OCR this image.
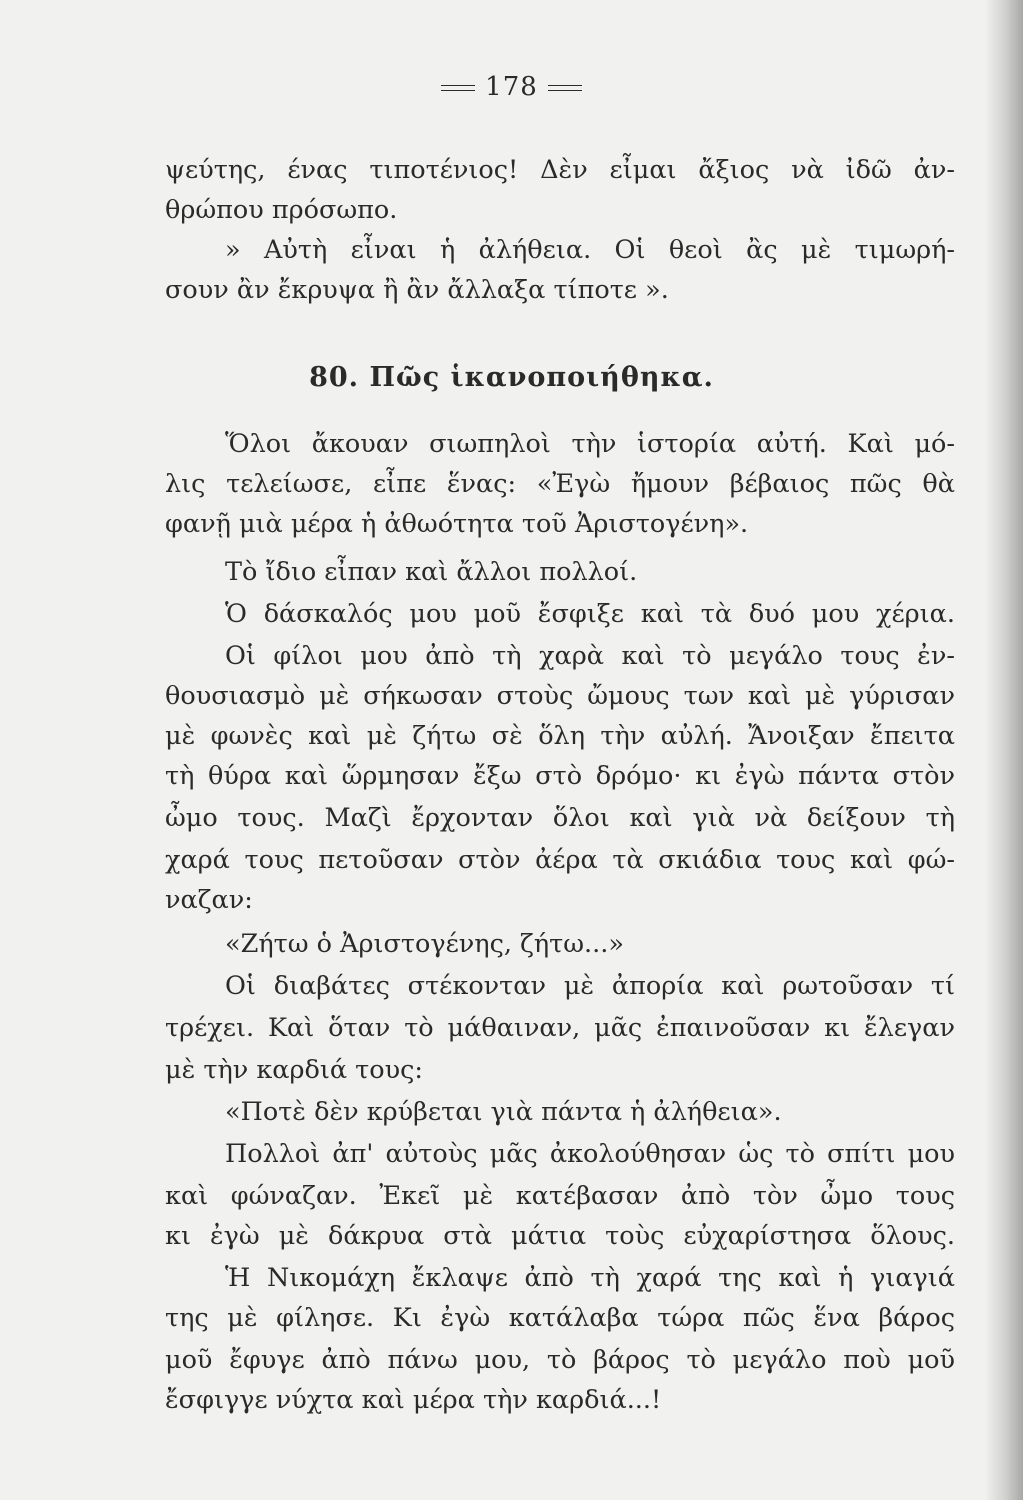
178
ψεύτης, ένας τιποτένιος! Δὲν εἶμαι ἄξιος νὰ ἰδῶ ἀν-
θρώπου πρόσωπο.
» Αὐτὴ εἶναι ἡ ἀλήθεια. Οἱ θεοὶ ἂς μὲ τιμωρή-
σουν ἂν ἔκρυψα ἢ ἂν ἄλλαξα τίποτε ».
80. Πῶς ἱκανοποιήθηκα.
Ὅλοι ἄκουαν σιωπηλοὶ τὴν ἱστορία αὐτή. Καὶ μό-
λις τελείωσε, εἶπε ἕνας: «Ἐγὼ ἤμουν βέβαιος πῶς θὰ
φανῇ μιὰ μέρα ἡ ἀθωότητα τοῦ Ἀριστογένη».
Τὸ ἴδιο εἶπαν καὶ ἄλλοι πολλοί.
Ὁ δάσκαλός μου μοῦ ἔσφιξε καὶ τὰ δυό μου χέρια.
Οἱ φίλοι μου ἀπὸ τὴ χαρὰ καὶ τὸ μεγάλο τους ἐν-
θουσιασμὸ μὲ σήκωσαν στοὺς ὤμους των καὶ μὲ γύρισαν
μὲ φωνὲς καὶ μὲ ζήτω σὲ ὅλη τὴν αὐλή. Ἄνοιξαν ἔπειτα
τὴ θύρα καὶ ὥρμησαν ἔξω στὸ δρόμο· κι ἐγὼ πάντα στὸν
ὦμο τους. Μαζὶ ἔρχονταν ὅλοι καὶ γιὰ νὰ δείξουν τὴ
χαρά τους πετοῦσαν στὸν ἀέρα τὰ σκιάδια τους καὶ φώ-
ναζαν:
«Ζήτω ὁ Ἀριστογένης, ζήτω...»
Οἱ διαβάτες στέκονταν μὲ ἀπορία καὶ ρωτοῦσαν τί
τρέχει. Καὶ ὅταν τὸ μάθαιναν, μᾶς ἐπαινοῦσαν κι ἔλεγαν
μὲ τὴν καρδιά τους:
«Ποτὲ δὲν κρύβεται γιὰ πάντα ἡ ἀλήθεια».
Πολλοὶ ἀπ' αὐτοὺς μᾶς ἀκολούθησαν ὡς τὸ σπίτι μου
καὶ φώναζαν. Ἐκεῖ μὲ κατέβασαν ἀπὸ τὸν ὦμο τους
κι ἐγὼ μὲ δάκρυα στὰ μάτια τοὺς εὐχαρίστησα ὅλους.
Ἡ Νικομάχη ἔκλαψε ἀπὸ τὴ χαρά της καὶ ἡ γιαγιά
της μὲ φίλησε. Κι ἐγὼ κατάλαβα τώρα πῶς ἕνα βάρος
μοῦ ἔφυγε ἀπὸ πάνω μου, τὸ βάρος τὸ μεγάλο ποὺ μοῦ
ἔσφιγγε νύχτα καὶ μέρα τὴν καρδιά...!
